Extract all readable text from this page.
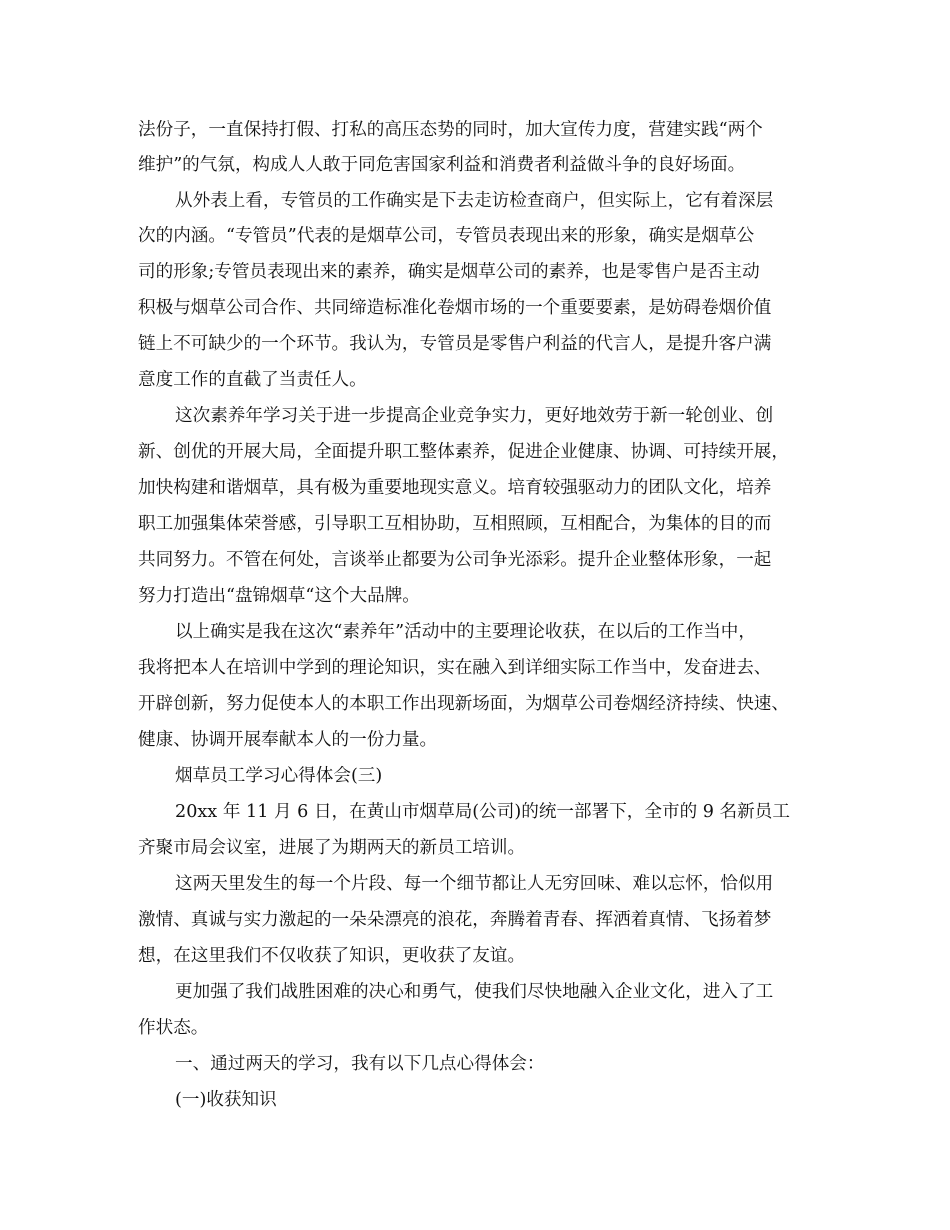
法份子，一直保持打假、打私的高压态势的同时，加大宣传力度，营建实践“两个
维护”的气氛，构成人人敢于同危害国家利益和消费者利益做斗争的良好场面。
从外表上看，专管员的工作确实是下去走访检查商户，但实际上，它有着深层
次的内涵。“专管员”代表的是烟草公司，专管员表现出来的形象，确实是烟草公
司的形象;专管员表现出来的素养，确实是烟草公司的素养，也是零售户是否主动
积极与烟草公司合作、共同缔造标准化卷烟市场的一个重要要素，是妨碍卷烟价值
链上不可缺少的一个环节。我认为，专管员是零售户利益的代言人，是提升客户满
意度工作的直截了当责任人。
这次素养年学习关于进一步提高企业竞争实力，更好地效劳于新一轮创业、创
新、创优的开展大局，全面提升职工整体素养，促进企业健康、协调、可持续开展，
加快构建和谐烟草，具有极为重要地现实意义。培育较强驱动力的团队文化，培养
职工加强集体荣誉感，引导职工互相协助，互相照顾，互相配合，为集体的目的而
共同努力。不管在何处，言谈举止都要为公司争光添彩。提升企业整体形象，一起
努力打造出“盘锦烟草“这个大品牌。
以上确实是我在这次“素养年”活动中的主要理论收获，在以后的工作当中，
我将把本人在培训中学到的理论知识，实在融入到详细实际工作当中，发奋进去、
开辟创新，努力促使本人的本职工作出现新场面，为烟草公司卷烟经济持续、快速、
健康、协调开展奉献本人的一份力量。
烟草员工学习心得体会(三)
20xx 年 11 月 6 日，在黄山市烟草局(公司)的统一部署下，全市的 9 名新员工
齐聚市局会议室，进展了为期两天的新员工培训。
这两天里发生的每一个片段、每一个细节都让人无穷回味、难以忘怀，恰似用
激情、真诚与实力激起的一朵朵漂亮的浪花，奔腾着青春、挥洒着真情、飞扬着梦
想，在这里我们不仅收获了知识，更收获了友谊。
更加强了我们战胜困难的决心和勇气，使我们尽快地融入企业文化，进入了工
作状态。
一、通过两天的学习，我有以下几点心得体会：
(一)收获知识
